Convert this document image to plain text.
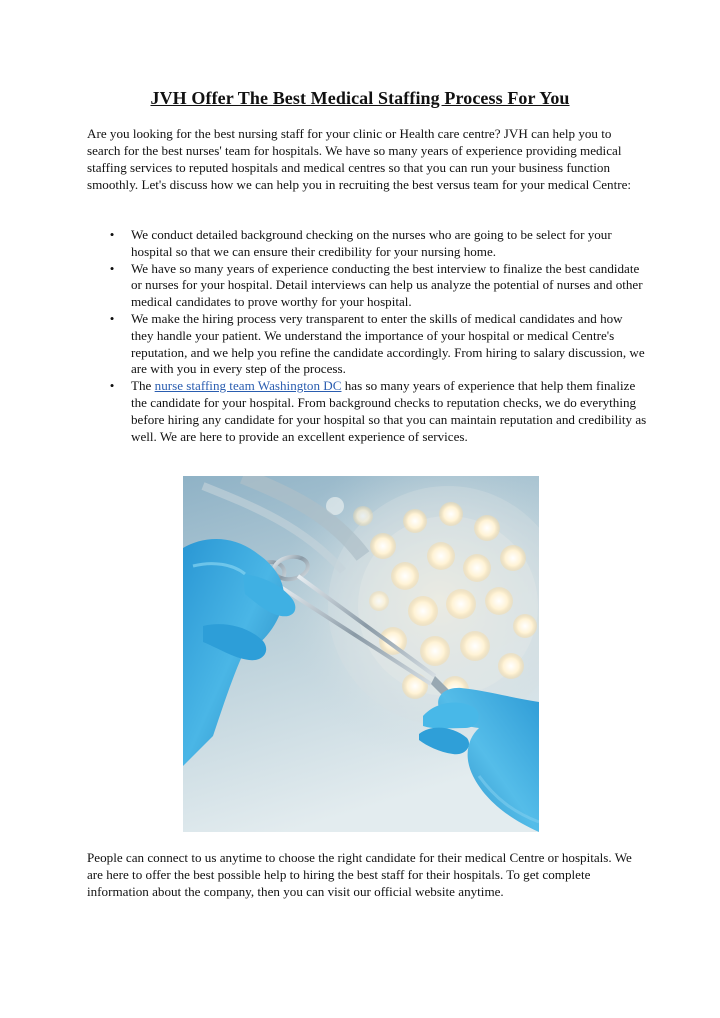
JVH Offer The Best Medical Staffing Process For You

Are you looking for the best nursing staff for your clinic or Health care centre? JVH can help you to search for the best nurses' team for hospitals. We have so many years of experience providing medical staffing services to reputed hospitals and medical centres so that you can run your business function smoothly. Let's discuss how we can help you in recruiting the best versus team for your medical Centre:

• We conduct detailed background checking on the nurses who are going to be select for your hospital so that we can ensure their credibility for your nursing home.
• We have so many years of experience conducting the best interview to finalize the best candidate or nurses for your hospital. Detail interviews can help us analyze the potential of nurses and other medical candidates to prove worthy for your hospital.
• We make the hiring process very transparent to enter the skills of medical candidates and how they handle your patient. We understand the importance of your hospital or medical Centre's reputation, and we help you refine the candidate accordingly. From hiring to salary discussion, we are with you in every step of the process.
• The nurse staffing team Washington DC has so many years of experience that help them finalize the candidate for your hospital. From background checks to reputation checks, we do everything before hiring any candidate for your hospital so that you can maintain reputation and credibility as well. We are here to provide an excellent experience of services.

People can connect to us anytime to choose the right candidate for their medical Centre or hospitals. We are here to offer the best possible help to hiring the best staff for their hospitals. To get complete information about the company, then you can visit our official website anytime.
